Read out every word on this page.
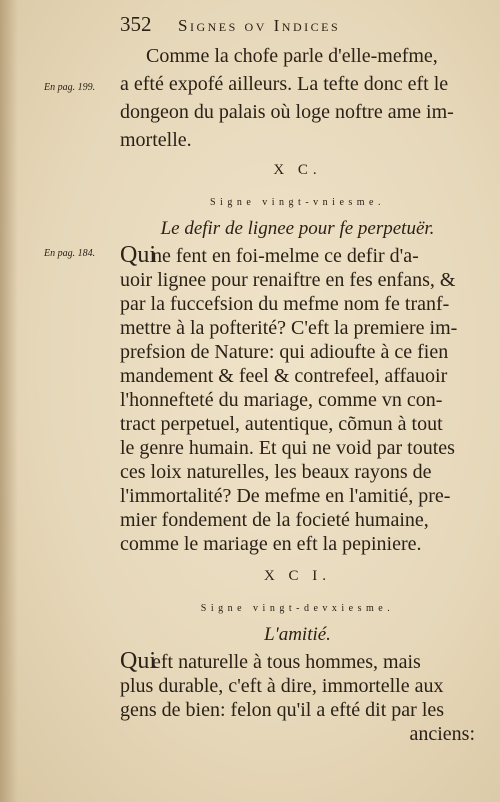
352	Signes ov Indices
Comme la chofe parle d'elle-mefme,
En pag. 199.	a efté expofé ailleurs. La tefte donc eft le
dongeon du palais où loge noftre ame im-
mortelle.
X C.
Signe vingt-vniesme.
Le defir de lignee pour fe perpetuër.
En pag. 184.	Qui
ne fent en foi-melme ce defir d'a-
uoir lignee pour renaiftre en fes enfans, &
par la fuccefsion du mefme nom fe tranf-
mettre à la pofterité? C'eft la premiere im-
prefsion de Nature: qui adioufte à ce fien
mandement & feel & contrefeel, affauoir
l'honnefteté du mariage, comme vn con-
tract perpetuel, autentique, cõmun à tout
le genre humain. Et qui ne void par toutes
ces loix naturelles, les beaux rayons de
l'immortalité? De mefme en l'amitié, pre-
mier fondement de la focieté humaine,
comme le mariage en eft la pepiniere.
X C I.
Signe vingt-devxiesme.
L'amitié.
Qui
eft naturelle à tous hommes, mais
plus durable, c'eft à dire, immortelle aux
gens de bien: felon qu'il a efté dit par les
anciens:
